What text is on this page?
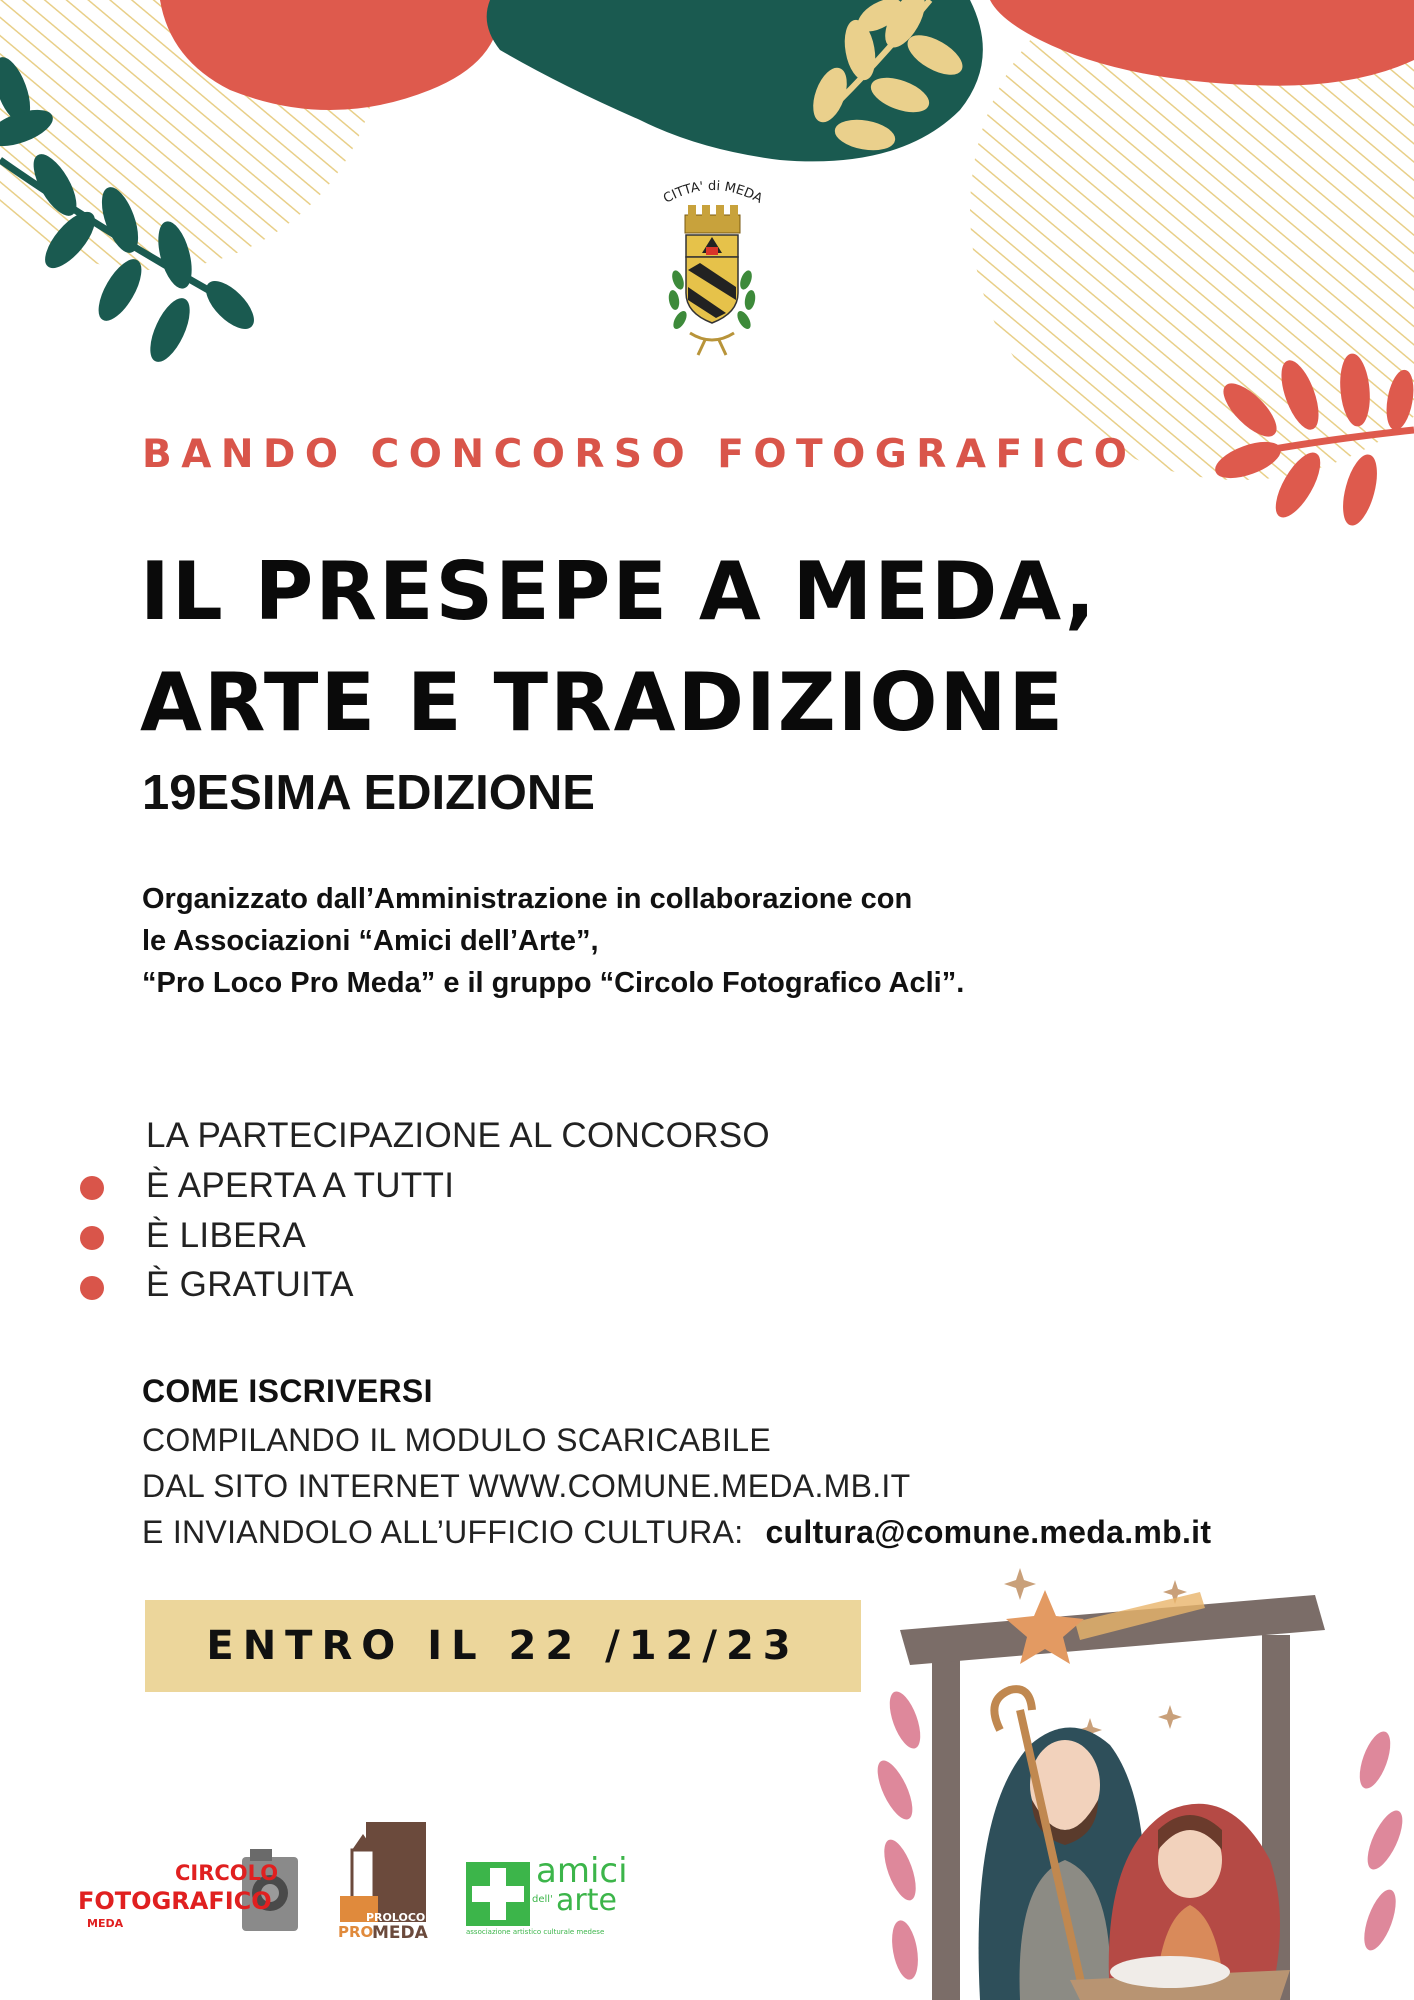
CITTA' di MEDA
BANDO CONCORSO FOTOGRAFICO
IL PRESEPE A MEDA,
ARTE E TRADIZIONE
19ESIMA EDIZIONE
Organizzato dall’Amministrazione in collaborazione con
le Associazioni “Amici dell’Arte”,
“Pro Loco Pro Meda” e il gruppo “Circolo Fotografico Acli”.
LA PARTECIPAZIONE AL CONCORSO
È APERTA A TUTTI
È LIBERA
È GRATUITA
COME ISCRIVERSI
COMPILANDO IL MODULO SCARICABILE
DAL SITO INTERNET WWW.COMUNE.MEDA.MB.IT
E INVIANDOLO ALL’UFFICIO CULTURA: cultura@comune.meda.mb.it
ENTRO IL 22 /12/23
CIRCOLO
FOTOGRAFICO
MEDA	PROLOCO
PRO
MEDA
amici
dell' arte
associazione artistico culturale medese
